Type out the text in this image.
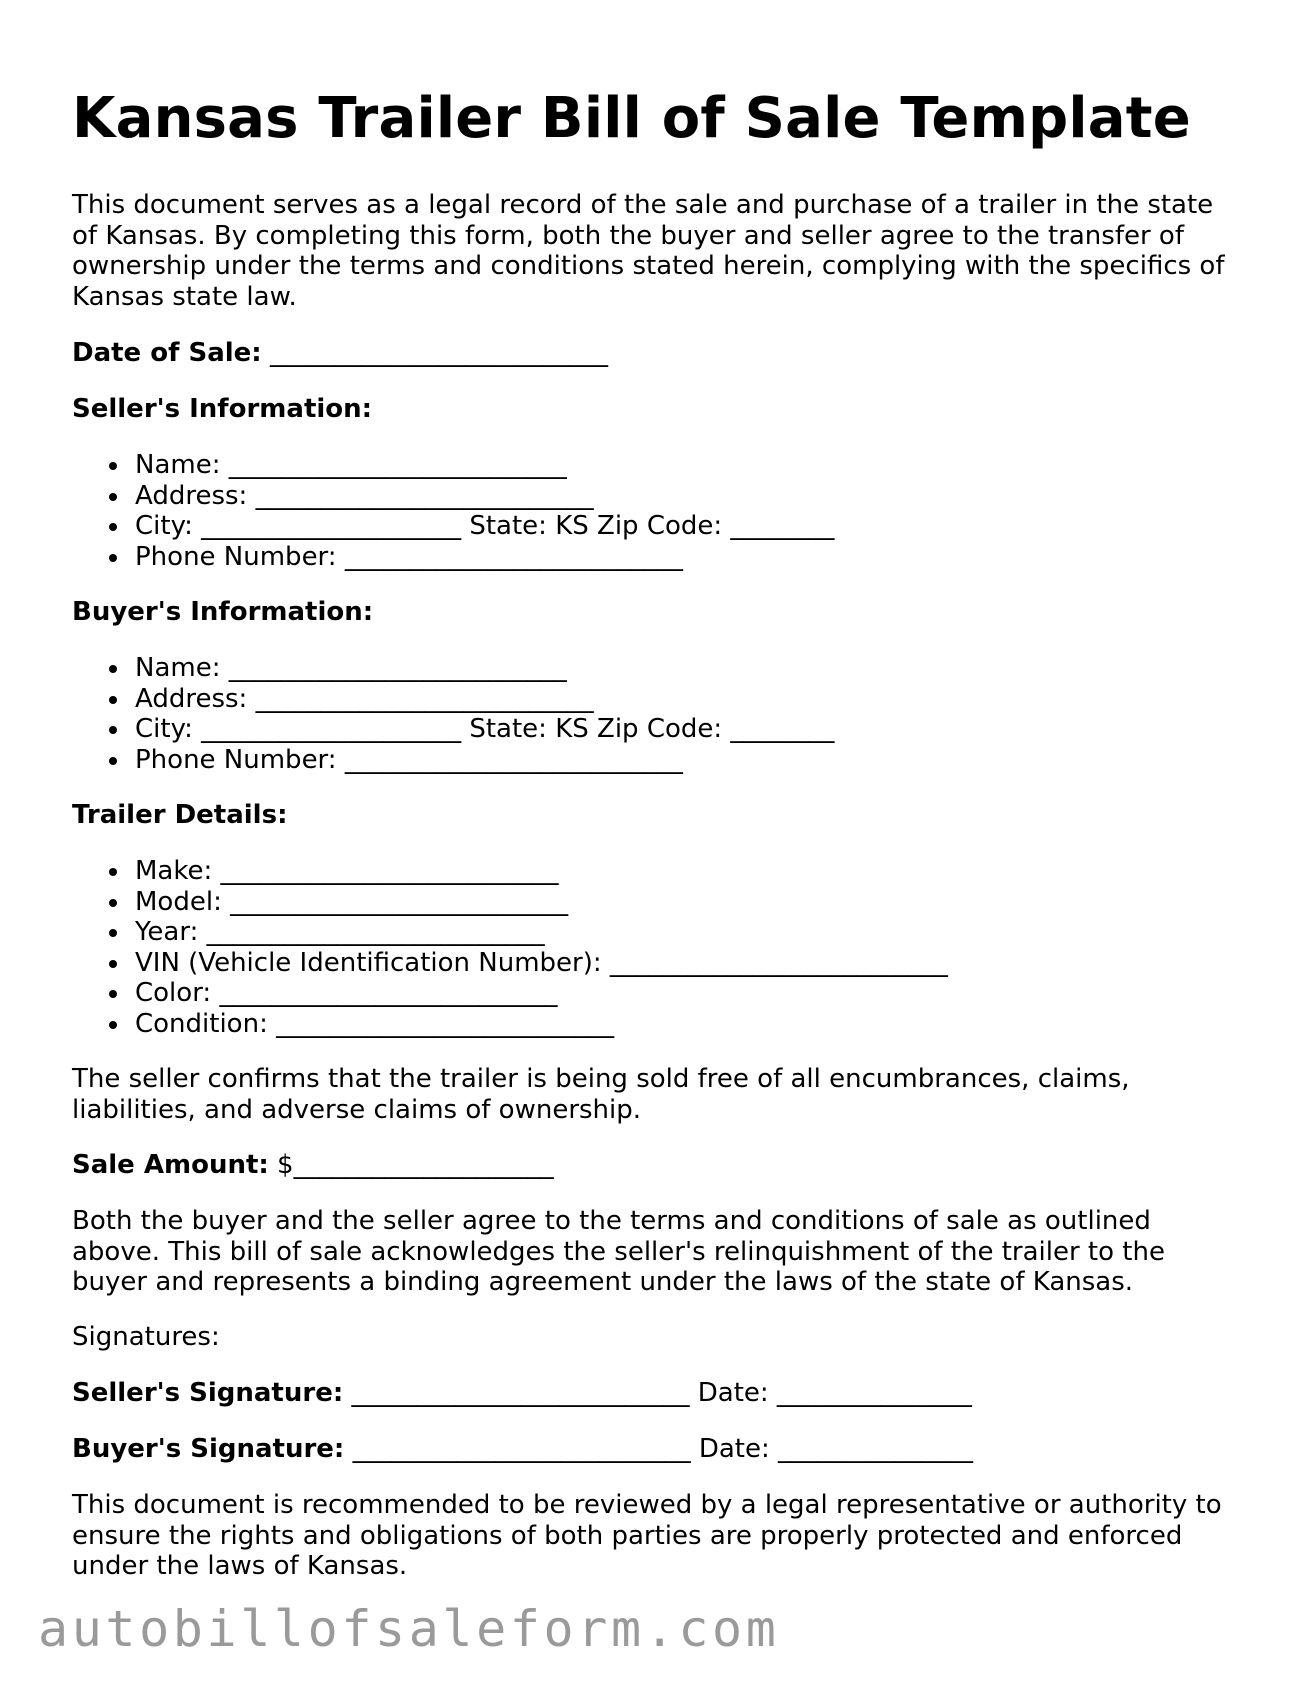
Kansas Trailer Bill of Sale Template

This document serves as a legal record of the sale and purchase of a trailer in the state of Kansas. By completing this form, both the buyer and seller agree to the transfer of ownership under the terms and conditions stated herein, complying with the specifics of Kansas state law.

Date of Sale: __________________________

Seller's Information:

Name: __________________________
Address: __________________________
City: ____________________ State: KS Zip Code: ________
Phone Number: __________________________

Buyer's Information:

Name: __________________________
Address: __________________________
City: ____________________ State: KS Zip Code: ________
Phone Number: __________________________

Trailer Details:

Make: __________________________
Model: __________________________
Year: __________________________
VIN (Vehicle Identification Number): __________________________
Color: __________________________
Condition: __________________________

The seller confirms that the trailer is being sold free of all encumbrances, claims, liabilities, and adverse claims of ownership.

Sale Amount: $____________________

Both the buyer and the seller agree to the terms and conditions of sale as outlined above. This bill of sale acknowledges the seller's relinquishment of the trailer to the buyer and represents a binding agreement under the laws of the state of Kansas.

Signatures:

Seller's Signature: __________________________ Date: _______________

Buyer's Signature: __________________________ Date: _______________

This document is recommended to be reviewed by a legal representative or authority to ensure the rights and obligations of both parties are properly protected and enforced under the laws of Kansas.

autobillofsaleform.com
